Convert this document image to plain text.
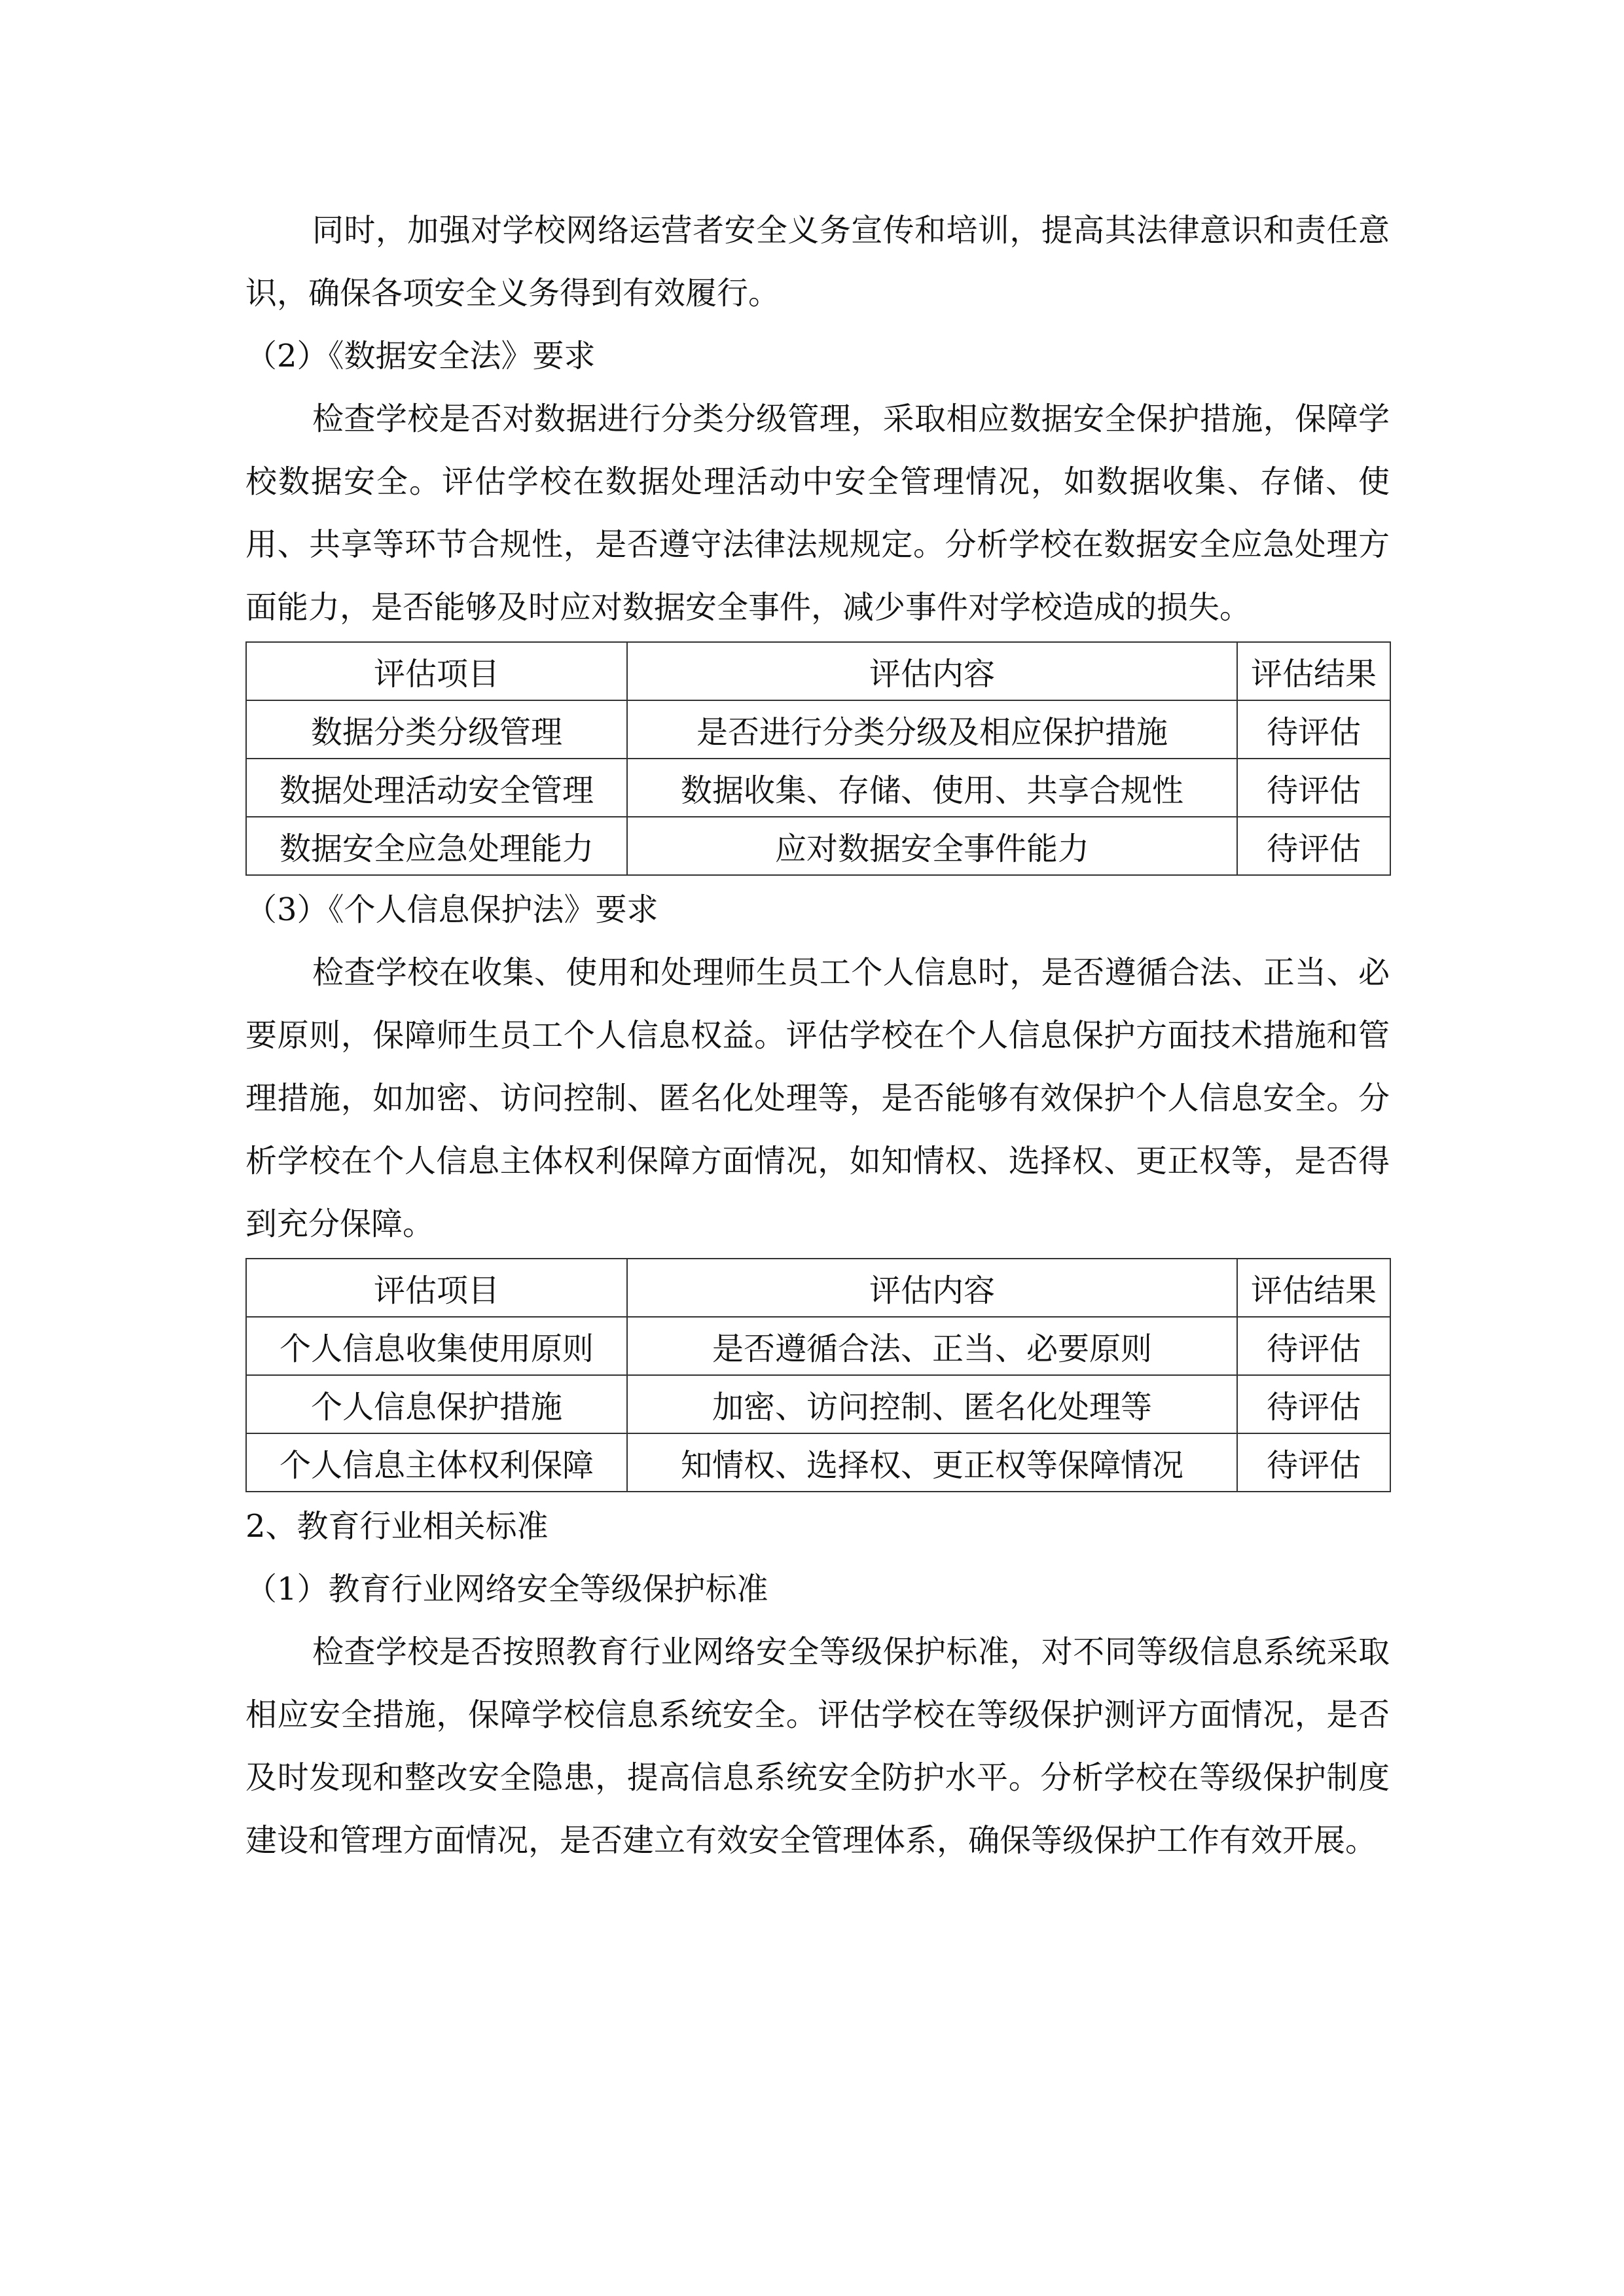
同时，加强对学校网络运营者安全义务宣传和培训，提高其法律意识和责任意识，确保各项安全义务得到有效履行。

（2）《数据安全法》要求

检查学校是否对数据进行分类分级管理，采取相应数据安全保护措施，保障学校数据安全。评估学校在数据处理活动中安全管理情况，如数据收集、存储、使用、共享等环节合规性，是否遵守法律法规规定。分析学校在数据安全应急处理方面能力，是否能够及时应对数据安全事件，减少事件对学校造成的损失。

评估项目	评估内容	评估结果
数据分类分级管理	是否进行分类分级及相应保护措施	待评估
数据处理活动安全管理	数据收集、存储、使用、共享合规性	待评估
数据安全应急处理能力	应对数据安全事件能力	待评估

（3）《个人信息保护法》要求

检查学校在收集、使用和处理师生员工个人信息时，是否遵循合法、正当、必要原则，保障师生员工个人信息权益。评估学校在个人信息保护方面技术措施和管理措施，如加密、访问控制、匿名化处理等，是否能够有效保护个人信息安全。分析学校在个人信息主体权利保障方面情况，如知情权、选择权、更正权等，是否得到充分保障。

评估项目	评估内容	评估结果
个人信息收集使用原则	是否遵循合法、正当、必要原则	待评估
个人信息保护措施	加密、访问控制、匿名化处理等	待评估
个人信息主体权利保障	知情权、选择权、更正权等保障情况	待评估

2、教育行业相关标准

（1）教育行业网络安全等级保护标准

检查学校是否按照教育行业网络安全等级保护标准，对不同等级信息系统采取相应安全措施，保障学校信息系统安全。评估学校在等级保护测评方面情况，是否及时发现和整改安全隐患，提高信息系统安全防护水平。分析学校在等级保护制度建设和管理方面情况，是否建立有效安全管理体系，确保等级保护工作有效开展。
